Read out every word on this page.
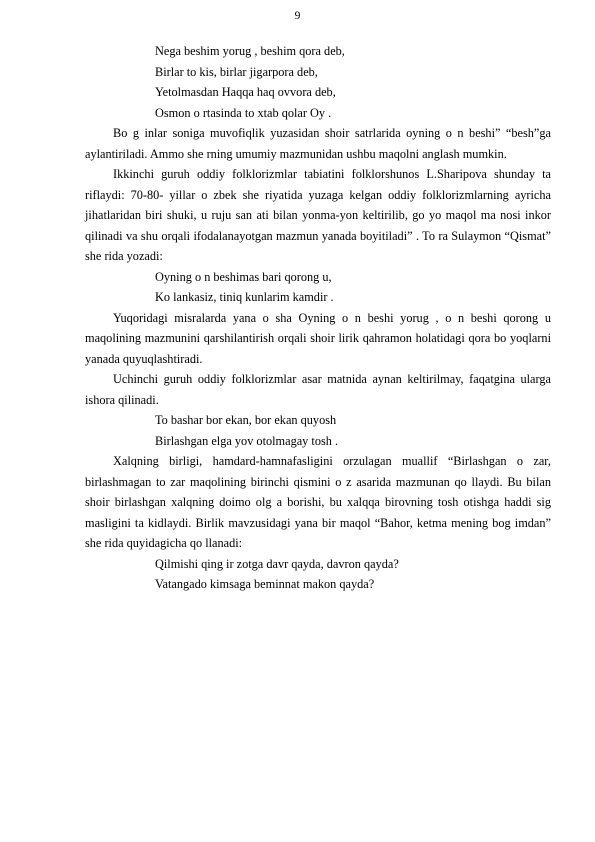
9
Nega beshim yorug , beshim qora deb,
Birlar to kis, birlar jigarpora deb,
Yetolmasdan Haqqa haq ovvora deb,
Osmon o rtasinda to xtab qolar Oy .

Bo g inlar soniga muvofiqlik yuzasidan shoir satrlarida oyning o n beshi” “besh”ga aylantiriladi. Ammo she rning umumiy mazmunidan ushbu maqolni anglash mumkin.

Ikkinchi guruh oddiy folklorizmlar tabiatini folklorshunos L.Sharipova shunday ta riflaydi: 70-80- yillar o zbek she riyatida yuzaga kelgan oddiy folklorizmlarning ayricha jihatlaridan biri shuki, u ruju san ati bilan yonma-yon keltirilib, go yo maqol ma nosi inkor qilinadi va shu orqali ifodalanayotgan mazmun yanada boyitiladi” . To ra Sulaymon “Qismat” she rida yozadi:

Oyning o n beshimas bari qorong u,
Ko lankasiz, tiniq kunlarim kamdir .

Yuqoridagi misralarda yana o sha Oyning o n beshi yorug , o n beshi qorong u maqolining mazmunini qarshilantirish orqali shoir lirik qahramon holatidagi qora bo yoqlarni yanada quyuqlashtiradi.

Uchinchi guruh oddiy folklorizmlar asar matnida aynan keltirilmay, faqatgina ularga ishora qilinadi.

To bashar bor ekan, bor ekan quyosh
Birlashgan elga yov otolmagay tosh .

Xalqning birligi, hamdard-hamnafasligini orzulagan muallif “Birlashgan o zar, birlashmagan to zar maqolining birinchi qismini o z asarida mazmunan qo llaydi. Bu bilan shoir birlashgan xalqning doimo olg a borishi, bu xalqqa birovning tosh otishga haddi sig masligini ta kidlaydi. Birlik mavzusidagi yana bir maqol “Bahor, ketma mening bog imdan” she rida quyidagicha qo llanadi:

Qilmishi qing ir zotga davr qayda, davron qayda?
Vatangado kimsaga beminnat makon qayda?
